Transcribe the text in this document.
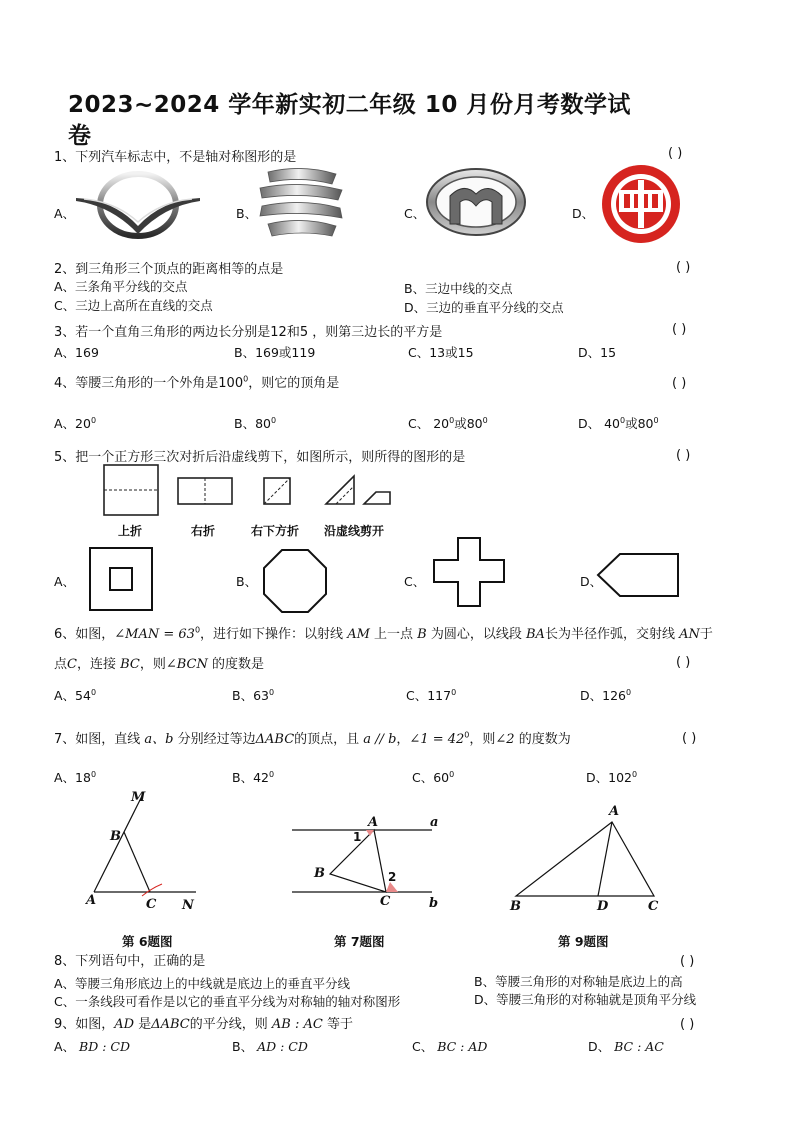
2023~2024 学年新实初二年级 10 月份月考数学试
卷
1、下列汽车标志中，不是轴对称图形的是	( )
A、	B、	C、	D、
2、到三角形三个顶点的距离相等的点是	( )
A、三条角平分线的交点	B、三边中线的交点
C、三边上高所在直线的交点	D、三边的垂直平分线的交点
3、若一个直角三角形的两边长分别是12和5 ，则第三边长的平方是	( )
A、169	B、169或119	C、13或15	D、15
4、等腰三角形的一个外角是$100^0$，则它的顶角是	( )
A、$20^0$	B、$80^0$	C、 $20^0$或$80^0$	D、 $40^0$或$80^0$
5、把一个正方形三次对折后沿虚线剪下，如图所示，则所得的图形的是	( )
上折	右折	右下方折 沿虚线剪开
A、	B、	C、	D、
6、如图，∠MAN = $63^0$，进行如下操作：以射线 AM 上一点 B 为圆心，以线段 BA长为半径作弧，交射线 AN于
点C，连接 BC，则∠BCN 的度数是	( )
A、$54^0$	B、$63^0$	C、$117^0$	D、$126^0$
7、如图，直线 a、b 分别经过等边ΔABC的顶点，且 a // b，∠1 = $42^0$，则∠2 的度数为	( )
A、$18^0$	B、$42^0$	C、$60^0$	D、$102^0$
M
B
A	C N
第 6题图
A	a
1
B	2
C	b
第 7题图
A
B	D	C
第 9题图
8、下列语句中，正确的是	( )
A、等腰三角形底边上的中线就是底边上的垂直平分线	B、等腰三角形的对称轴是底边上的高
C、一条线段可看作是以它的垂直平分线为对称轴的轴对称图形	D、等腰三角形的对称轴就是顶角平分线
9、如图，AD 是ΔABC的平分线，则 AB : AC 等于	( )
A、 BD : CD	B、 AD : CD	C、 BC : AD	D、 BC : AC
